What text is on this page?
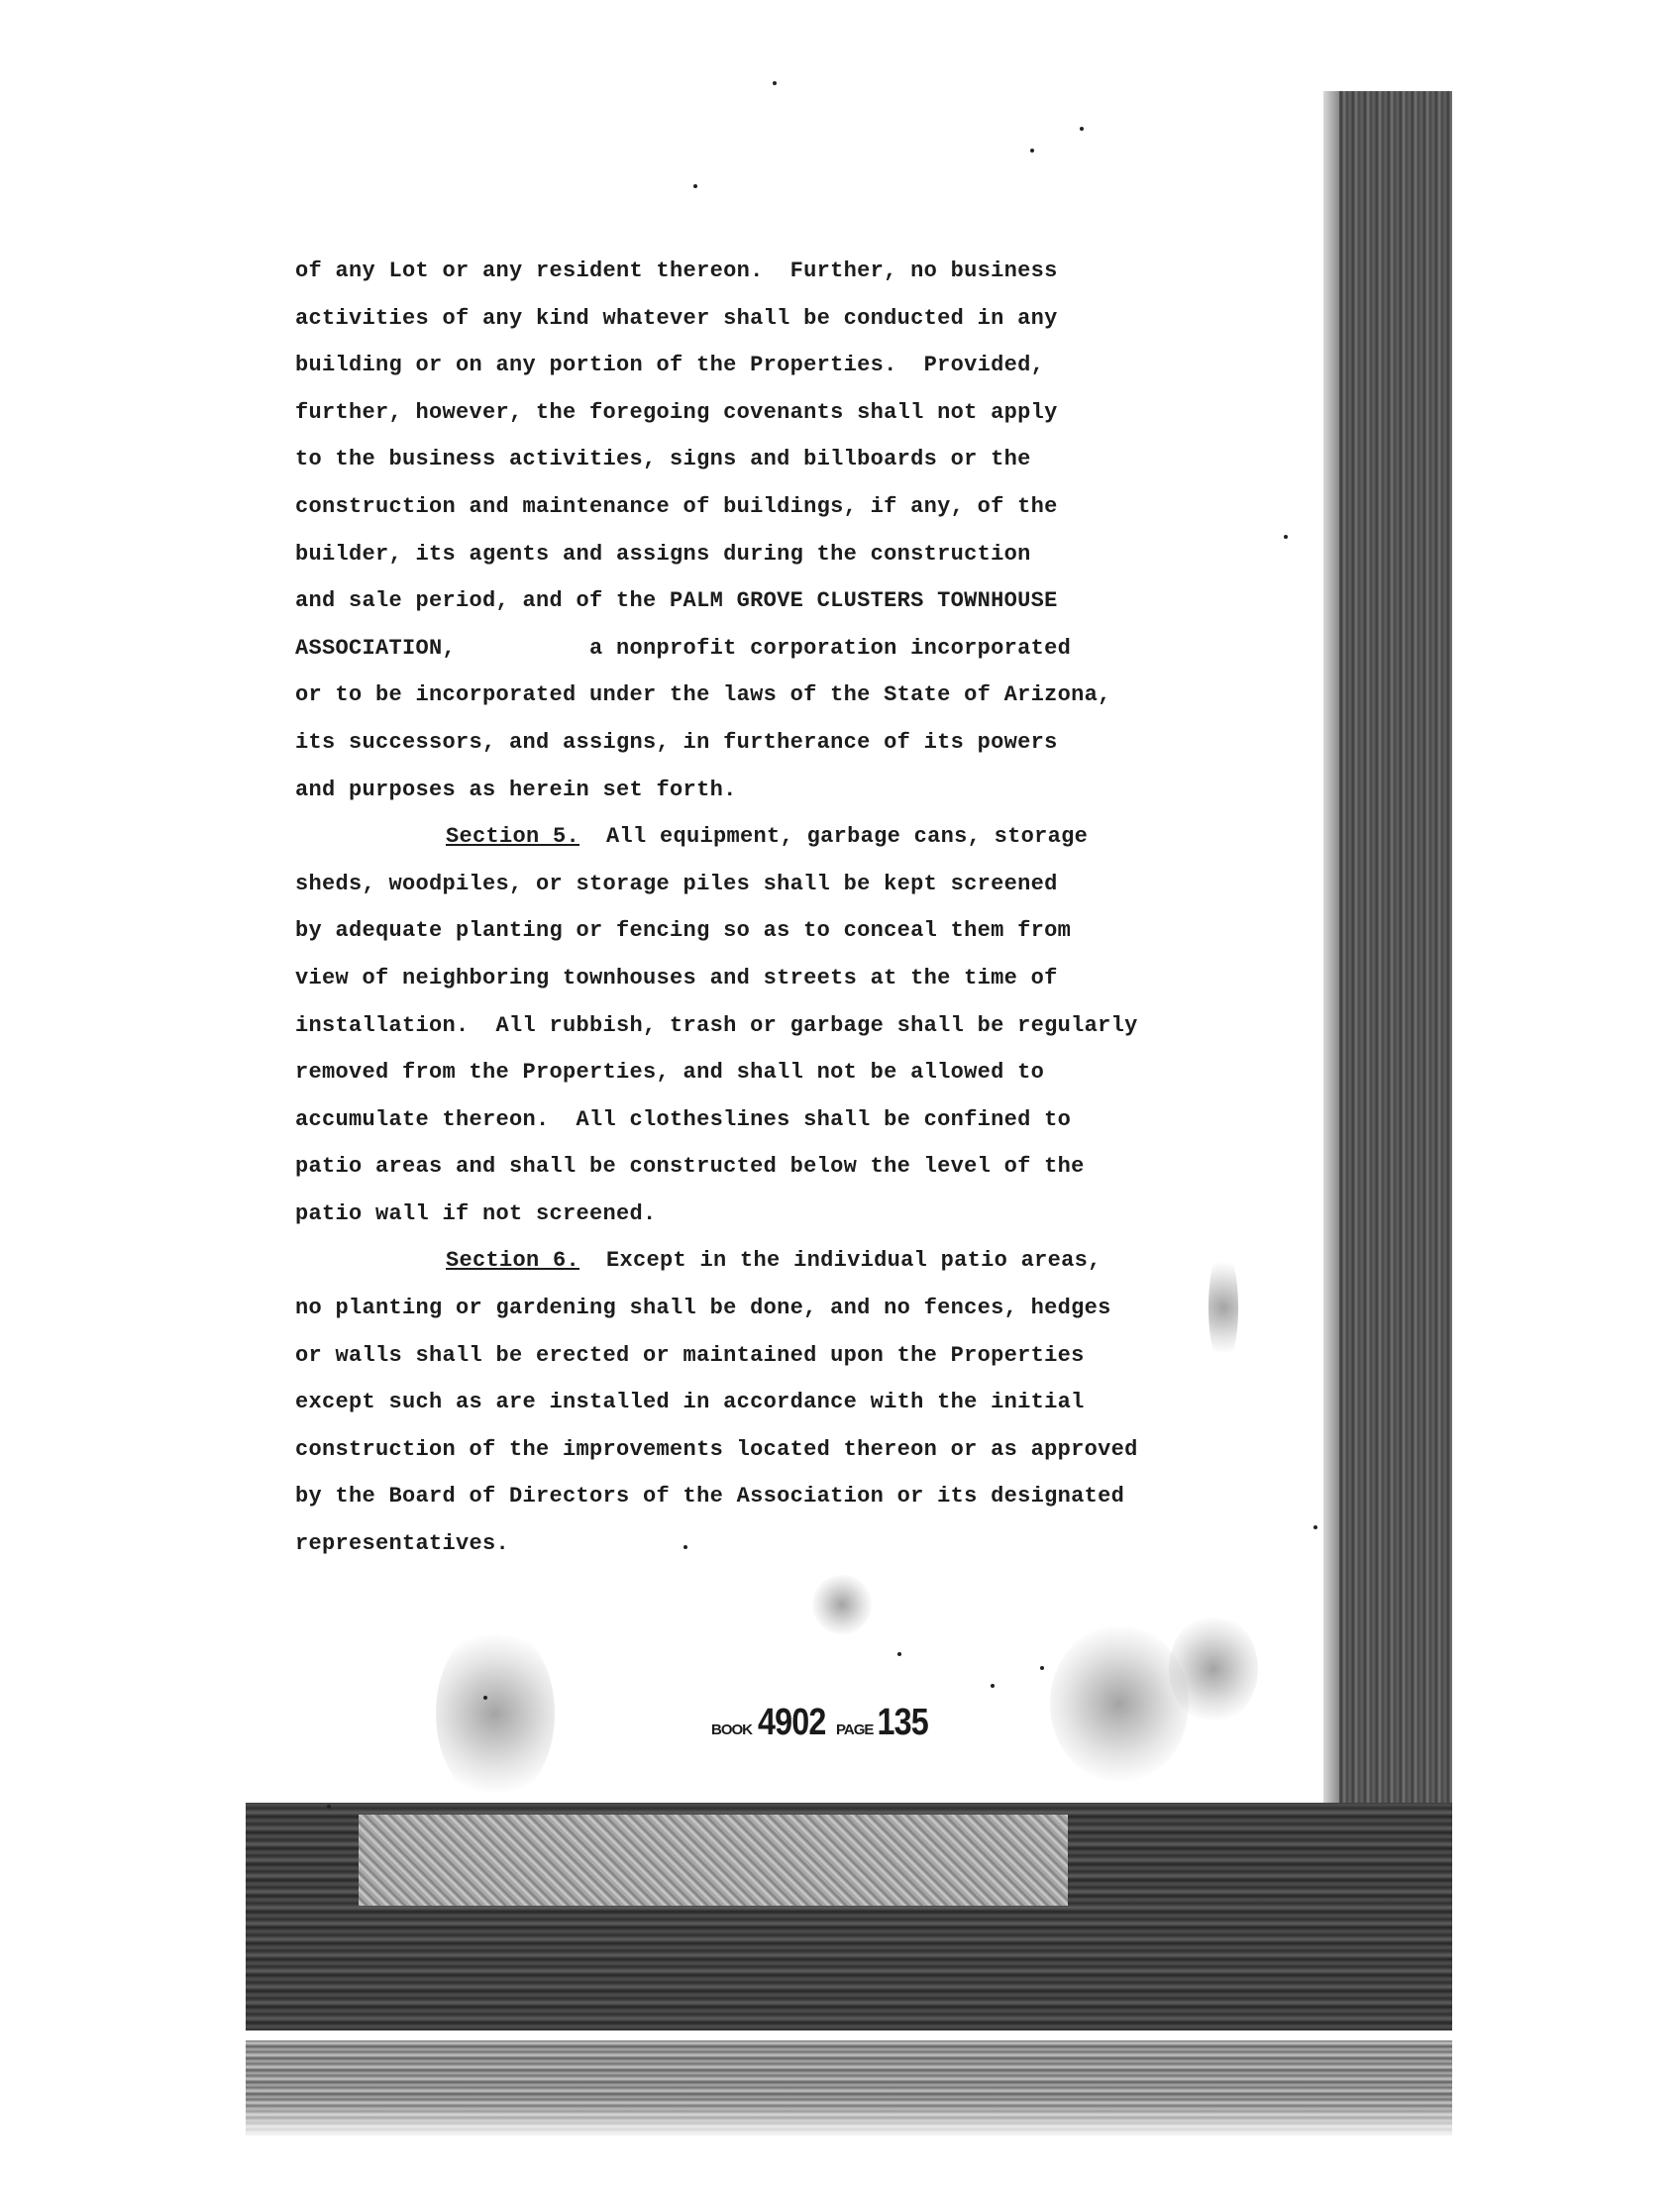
of any Lot or any resident thereon.  Further, no business
activities of any kind whatever shall be conducted in any
building or on any portion of the Properties.  Provided,
further, however, the foregoing covenants shall not apply
to the business activities, signs and billboards or the
construction and maintenance of buildings, if any, of the
builder, its agents and assigns during the construction
and sale period, and of the PALM GROVE CLUSTERS TOWNHOUSE
ASSOCIATION,          a nonprofit corporation incorporated
or to be incorporated under the laws of the State of Arizona,
its successors, and assigns, in furtherance of its powers
and purposes as herein set forth.
Section 5.  All equipment, garbage cans, storage
sheds, woodpiles, or storage piles shall be kept screened
by adequate planting or fencing so as to conceal them from
view of neighboring townhouses and streets at the time of
installation.  All rubbish, trash or garbage shall be regularly
removed from the Properties, and shall not be allowed to
accumulate thereon.  All clotheslines shall be confined to
patio areas and shall be constructed below the level of the
patio wall if not screened.
Section 6.  Except in the individual patio areas,
no planting or gardening shall be done, and no fences, hedges
or walls shall be erected or maintained upon the Properties
except such as are installed in accordance with the initial
construction of the improvements located thereon or as approved
by the Board of Directors of the Association or its designated
representatives.
BOOK 4902 PAGE 135
